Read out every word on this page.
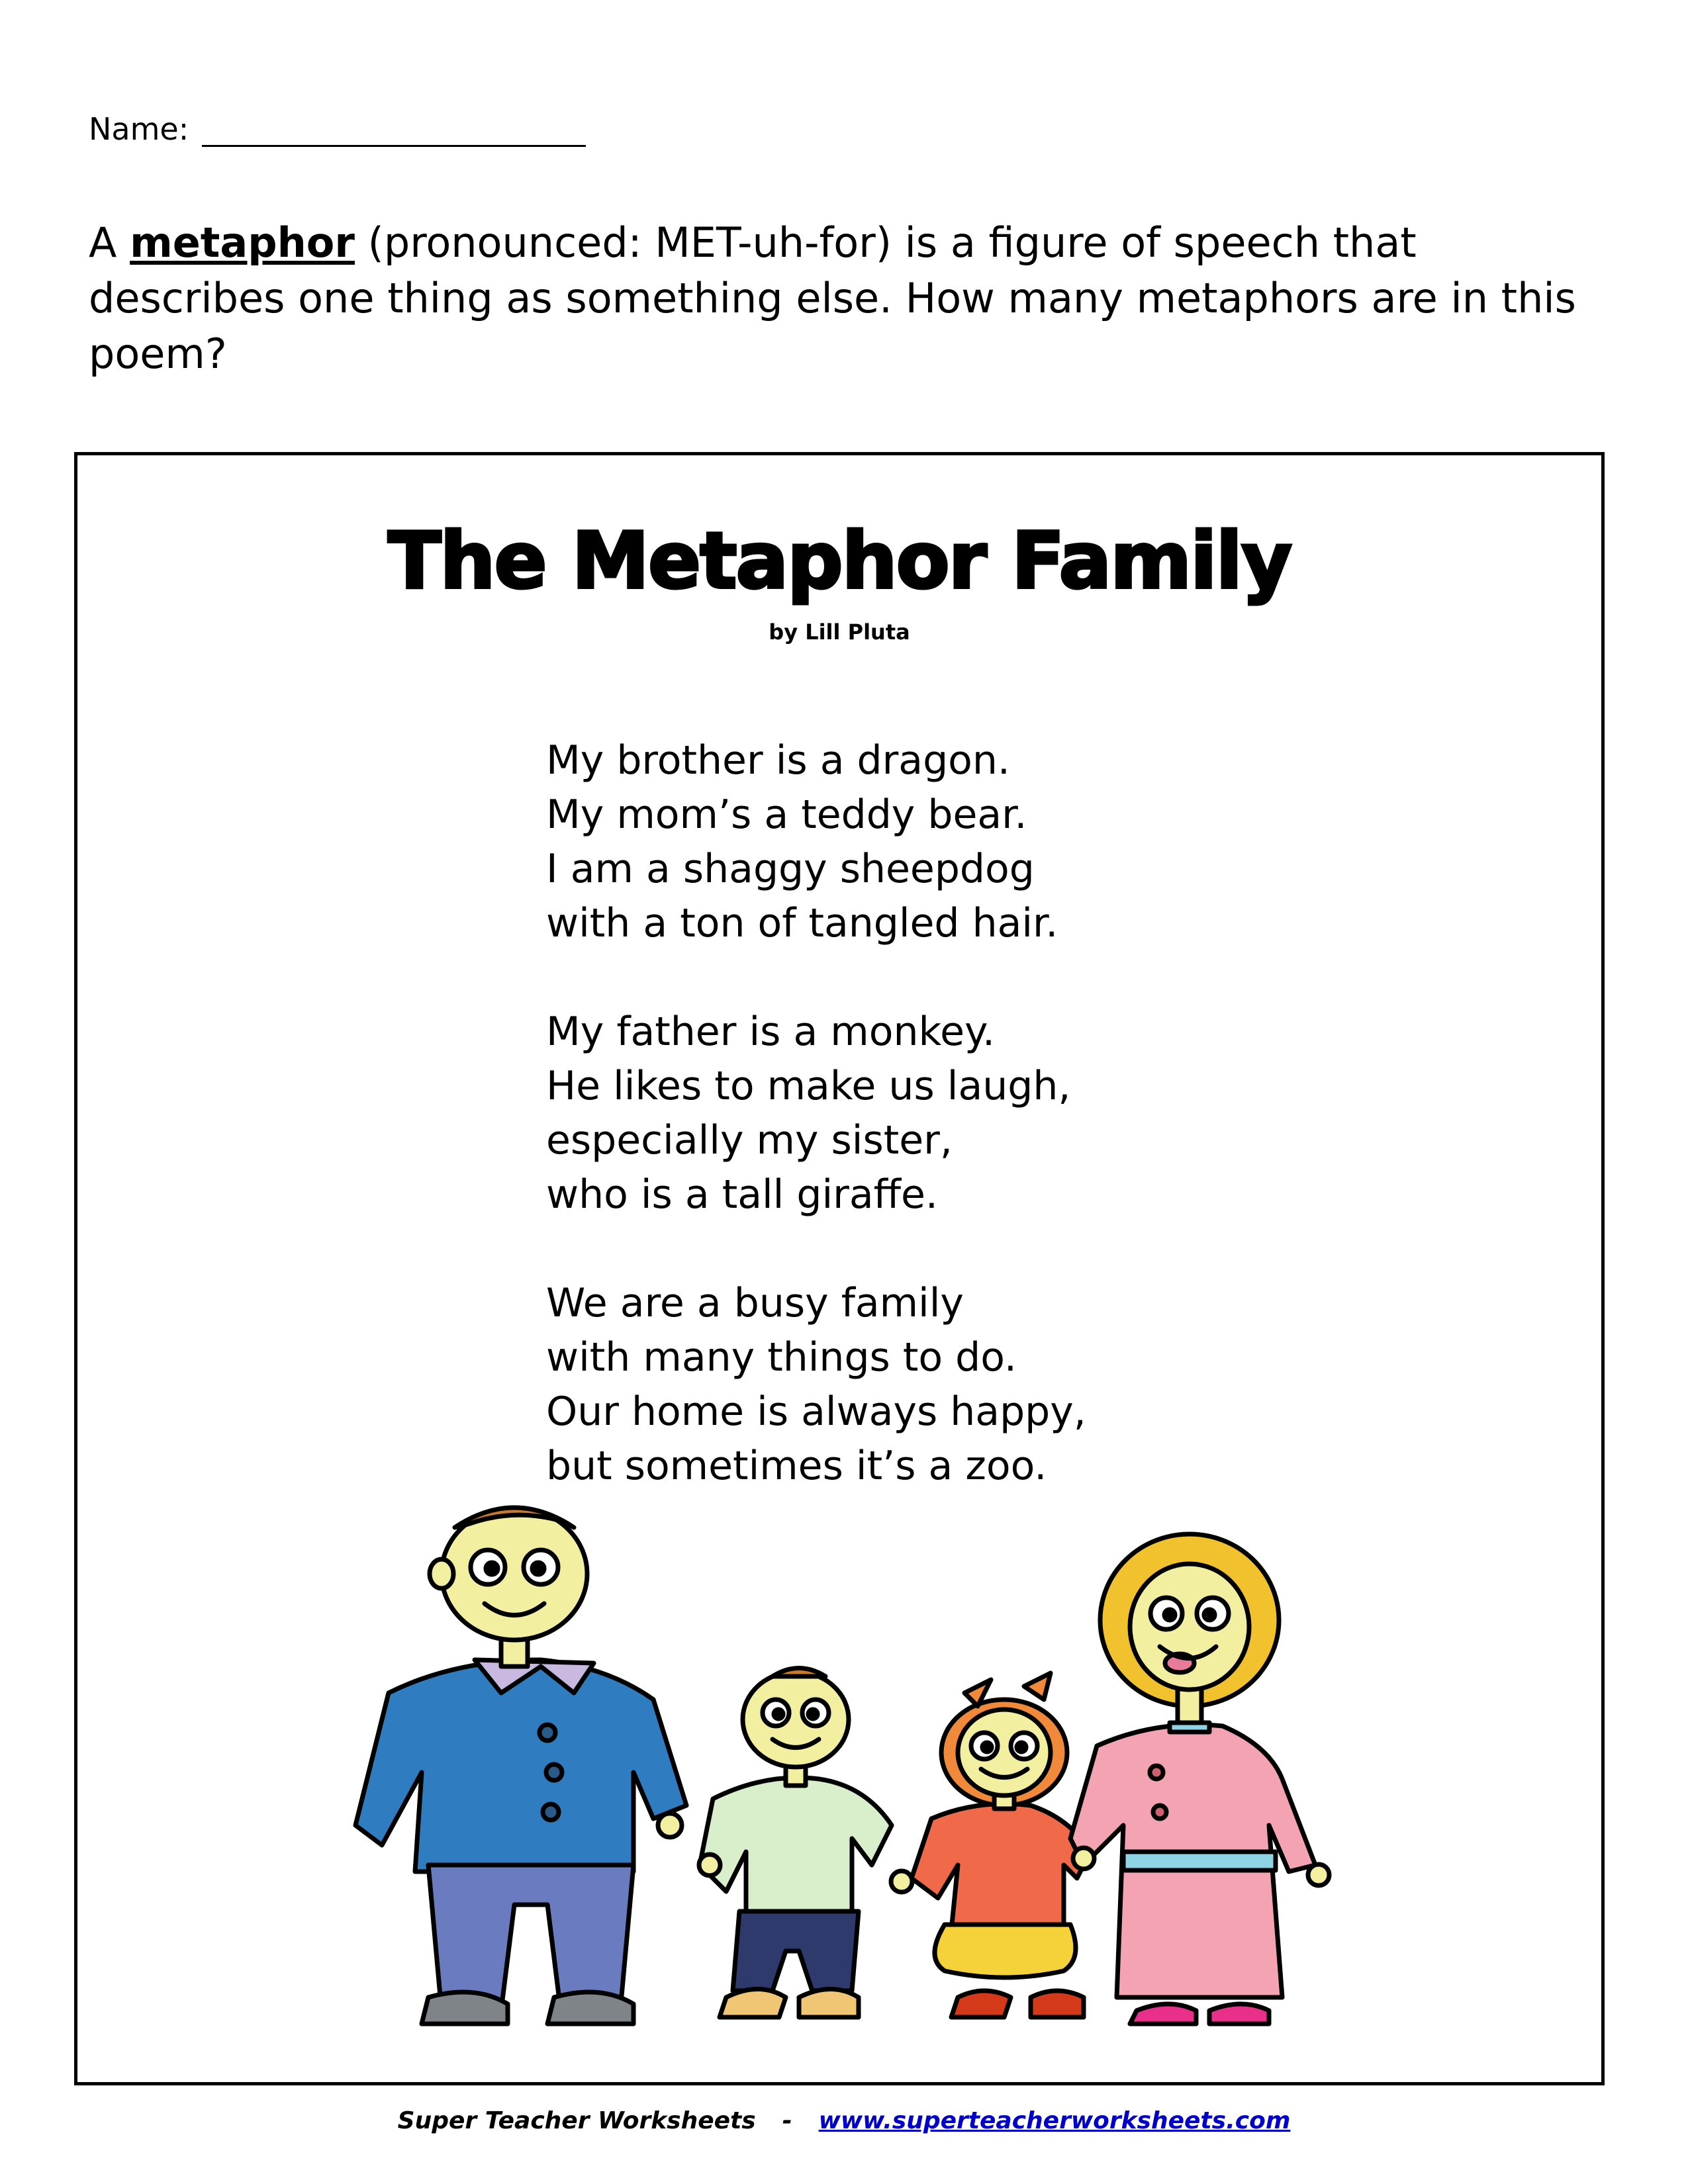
Name:
A metaphor (pronounced: MET-uh-for) is a figure of speech that describes one thing as something else. How many metaphors are in this poem?
The Metaphor Family
by Lill Pluta
My brother is a dragon.
My mom’s a teddy bear.
I am a shaggy sheepdog
with a ton of tangled hair.
My father is a monkey.
He likes to make us laugh,
especially my sister,
who is a tall giraffe.
We are a busy family
with many things to do.
Our home is always happy,
but sometimes it’s a zoo.
Super Teacher Worksheets - www.superteacherworksheets.com
